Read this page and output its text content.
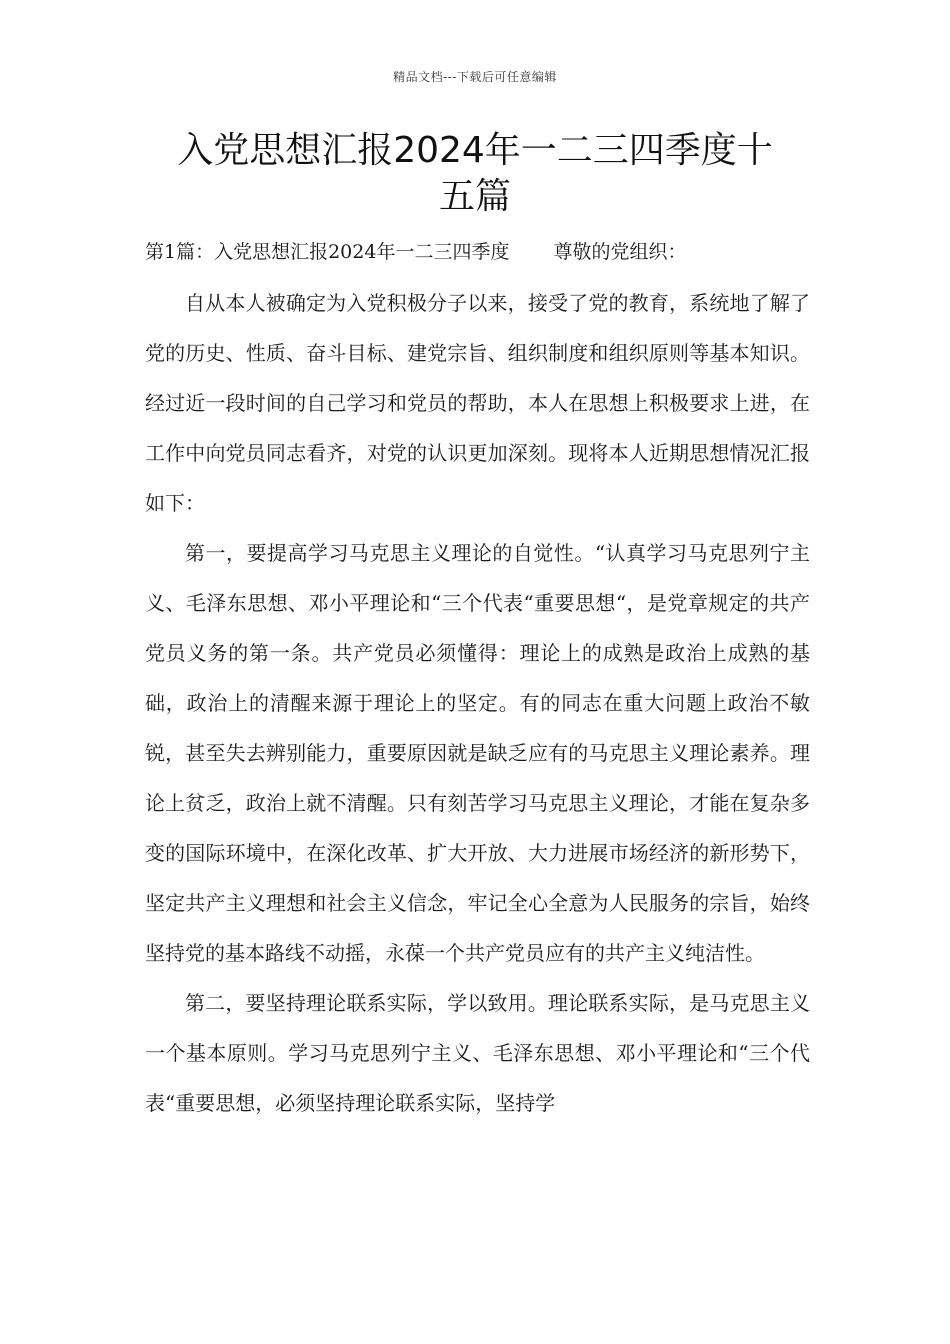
精品文档---下载后可任意编辑
入党思想汇报2024年一二三四季度十
五篇

第1篇：入党思想汇报2024年一二三四季度 尊敬的党组织：

自从本人被确定为入党积极分子以来，接受了党的教育，系统地了解了党的历史、性质、奋斗目标、建党宗旨、组织制度和组织原则等基本知识。经过近一段时间的自己学习和党员的帮助，本人在思想上积极要求上进，在工作中向党员同志看齐，对党的认识更加深刻。现将本人近期思想情况汇报如下：

第一，要提高学习马克思主义理论的自觉性。“认真学习马克思列宁主义、毛泽东思想、邓小平理论和“三个代表“重要思想“，是党章规定的共产党员义务的第一条。共产党员必须懂得：理论上的成熟是政治上成熟的基础，政治上的清醒来源于理论上的坚定。有的同志在重大问题上政治不敏锐，甚至失去辨别能力，重要原因就是缺乏应有的马克思主义理论素养。理论上贫乏，政治上就不清醒。只有刻苦学习马克思主义理论，才能在复杂多变的国际环境中，在深化改革、扩大开放、大力进展市场经济的新形势下，坚定共产主义理想和社会主义信念，牢记全心全意为人民服务的宗旨，始终坚持党的基本路线不动摇，永葆一个共产党员应有的共产主义纯洁性。

第二，要坚持理论联系实际，学以致用。理论联系实际，是马克思主义一个基本原则。学习马克思列宁主义、毛泽东思想、邓小平理论和“三个代表“重要思想，必须坚持理论联系实际，坚持学
